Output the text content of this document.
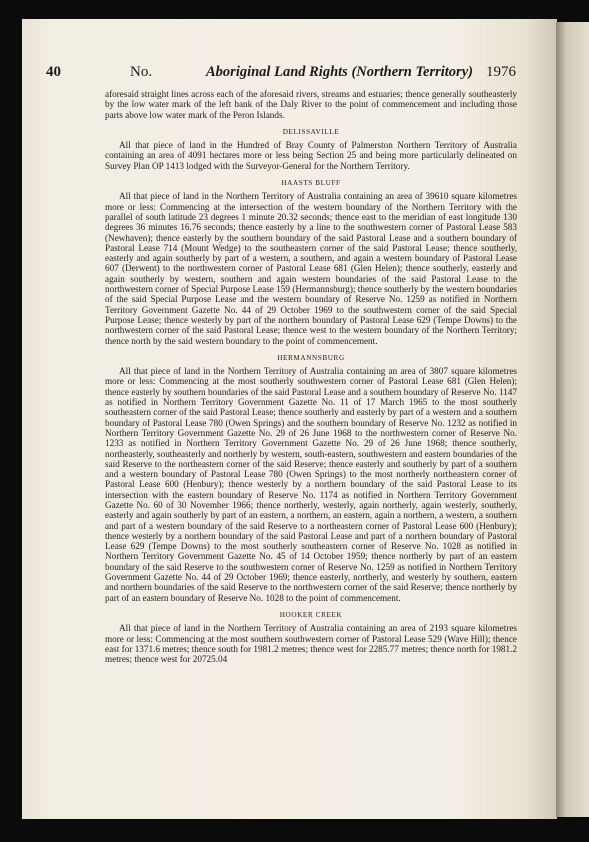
40	No.	Aboriginal Land Rights (Northern Territory) 1976

aforesaid straight lines across each of the aforesaid rivers, streams and estuaries; thence generally southeasterly by the low water mark of the left bank of the Daly River to the point of commencement and including those parts above low water mark of the Peron Islands.

DELISSAVILLE

All that piece of land in the Hundred of Bray County of Palmerston Northern Territory of Australia containing an area of 4091 hectares more or less being Section 25 and being more particularly delineated on Survey Plan OP 1413 lodged with the Surveyor-General for the Northern Territory.

HAASTS BLUFF

All that piece of land in the Northern Territory of Australia containing an area of 39610 square kilometres more or less: Commencing at the intersection of the western boundary of the Northern Territory with the parallel of south latitude 23 degrees 1 minute 20.32 seconds; thence east to the meridian of east longitude 130 degrees 36 minutes 16.76 seconds; thence easterly by a line to the southwestern corner of Pastoral Lease 583 (Newhaven); thence easterly by the southern boundary of the said Pastoral Lease and a southern boundary of Pastoral Lease 714 (Mount Wedge) to the southeastern corner of the said Pastoral Lease; thence southerly, easterly and again southerly by part of a western, a southern, and again a western boundary of Pastoral Lease 607 (Derwent) to the northwestern corner of Pastoral Lease 681 (Glen Helen); thence southerly, easterly and again southerly by western, southern and again western boundaries of the said Pastoral Lease to the northwestern corner of Special Purpose Lease 159 (Hermannsburg); thence southerly by the western boundaries of the said Special Purpose Lease and the western boundary of Reserve No. 1259 as notified in Northern Territory Government Gazette No. 44 of 29 October 1969 to the southwestern corner of the said Special Purpose Lease; thence westerly by part of the northern boundary of Pastoral Lease 629 (Tempe Downs) to the northwestern corner of the said Pastoral Lease; thence west to the western boundary of the Northern Territory; thence north by the said western boundary to the point of commencement.

HERMANNSBURG

All that piece of land in the Northern Territory of Australia containing an area of 3807 square kilometres more or less: Commencing at the most southerly southwestern corner of Pastoral Lease 681 (Glen Helen); thence easterly by southern boundaries of the said Pastoral Lease and a southern boundary of Reserve No. 1147 as notified in Northern Territory Government Gazette No. 11 of 17 March 1965 to the most southerly southeastern corner of the said Pastoral Lease; thence southerly and easterly by part of a western and a southern boundary of Pastoral Lease 780 (Owen Springs) and the southern boundary of Reserve No. 1232 as notified in Northern Territory Government Gazette No. 29 of 26 June 1968 to the northwestern corner of Reserve No. 1233 as notified in Northern Territory Government Gazette No. 29 of 26 June 1968; thence southerly, northeasterly, southeasterly and northerly by western, south-eastern, southwestern and eastern boundaries of the said Reserve to the northeastern corner of the said Reserve; thence easterly and southerly by part of a southern and a western boundary of Pastoral Lease 780 (Owen Springs) to the most northerly northeastern corner of Pastoral Lease 600 (Henbury); thence westerly by a northern boundary of the said Pastoral Lease to its intersection with the eastern boundary of Reserve No. 1174 as notified in Northern Territory Government Gazette No. 60 of 30 November 1966; thence northerly, westerly, again northerly, again westerly, southerly, easterly and again southerly by part of an eastern, a northern, an eastern, again a northern, a western, a southern and part of a western boundary of the said Reserve to a northeastern corner of Pastoral Lease 600 (Henbury); thence westerly by a northern boundary of the said Pastoral Lease and part of a northern boundary of Pastoral Lease 629 (Tempe Downs) to the most southerly southeastern corner of Reserve No. 1028 as notified in Northern Territory Government Gazette No. 45 of 14 October 1959; thence northerly by part of an eastern boundary of the said Reserve to the southwestern corner of Reserve No. 1259 as notified in Northern Territory Government Gazette No. 44 of 29 October 1969; thence easterly, northerly, and westerly by southern, eastern and northern boundaries of the said Reserve to the northwestern corner of the said Reserve; thence northerly by part of an eastern boundary of Reserve No. 1028 to the point of commencement.

HOOKER CREEK

All that piece of land in the Northern Territory of Australia containing an area of 2193 square kilometres more or less: Commencing at the most southern southwestern corner of Pastoral Lease 529 (Wave Hill); thence east for 1371.6 metres; thence south for 1981.2 metres; thence west for 2285.77 metres; thence north for 1981.2 metres; thence west for 20725.04
